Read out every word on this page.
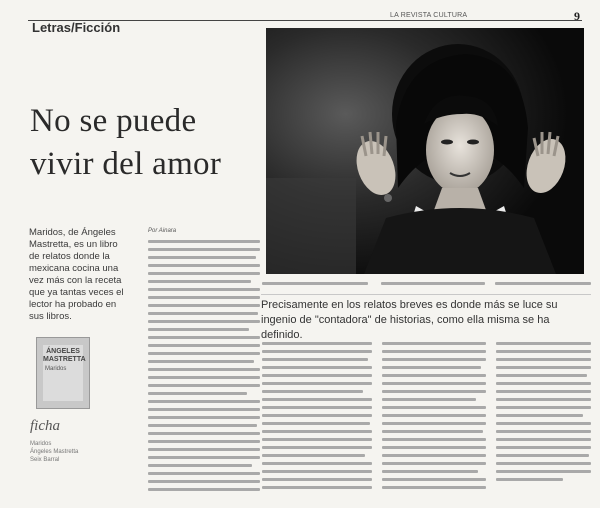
Letras/Ficción
LA REVISTA CULTURA	9
No se puede
vivir del amor
Maridos, de Ángeles Mastretta, es un libro de relatos donde la mexicana cocina una vez más con la receta que ya tantas veces el lector ha probado en sus libros.
Por Ainara
Precisamente en los relatos breves es donde más se luce su ingenio de "contadora" de historias, como ella misma se ha definido.
ÁNGELES MASTRETTA
Maridos
ficha
Maridos
Ángeles Mastretta
Seix Barral
